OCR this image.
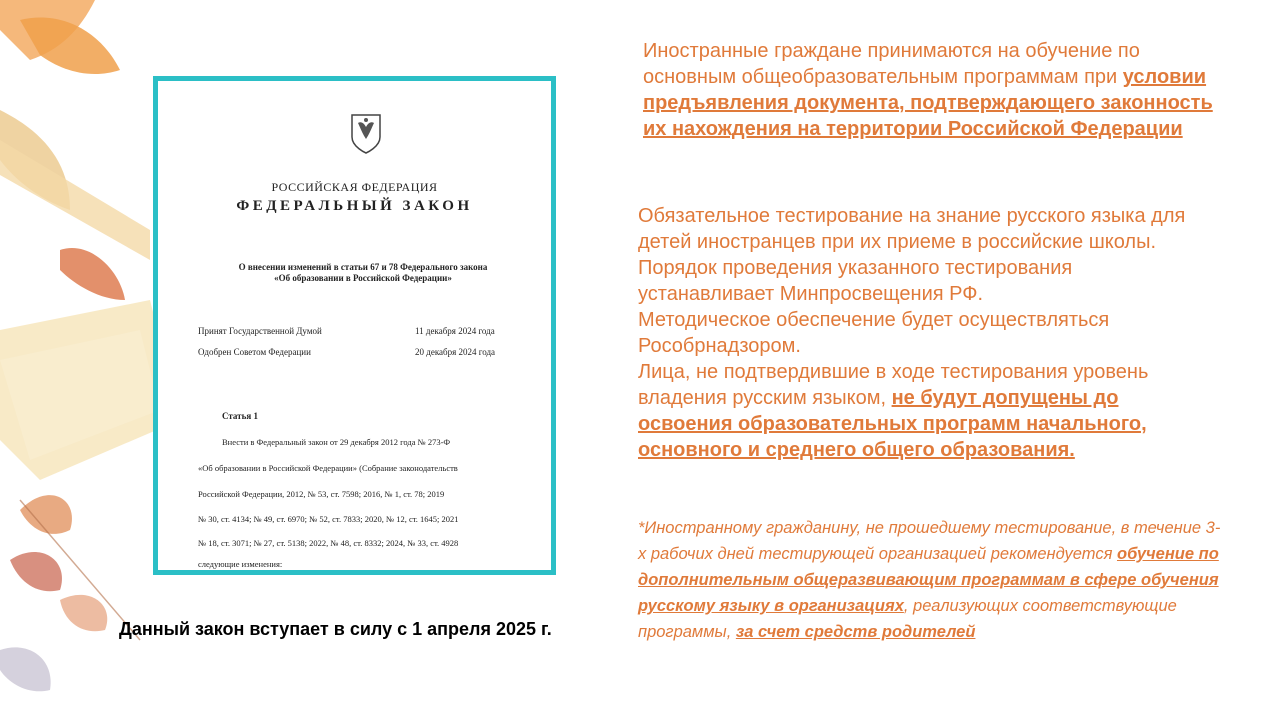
РОССИЙСКАЯ ФЕДЕРАЦИЯ
ФЕДЕРАЛЬНЫЙ ЗАКОН
О внесении изменений в статьи 67 и 78 Федерального закона
«Об образовании в Российской Федерации»
Принят Государственной Думой	11 декабря 2024 года
Одобрен Советом Федерации	20 декабря 2024 года
Статья 1
Внести в Федеральный закон от 29 декабря 2012 года № 273-Ф
«Об образовании в Российской Федерации» (Собрание законодательств
Российской Федерации, 2012, № 53, ст. 7598; 2016, № 1, ст. 78; 2019
№ 30, ст. 4134; № 49, ст. 6970; № 52, ст. 7833; 2020, № 12, ст. 1645; 2021
№ 18, ст. 3071; № 27, ст. 5138; 2022, № 48, ст. 8332; 2024, № 33, ст. 4928
следующие изменения:
Данный закон вступает в силу с 1 апреля 2025 г.
Иностранные граждане принимаются на обучение по основным общеобразовательным программам при условии предъявления документа, подтверждающего законность их нахождения на территории Российской Федерации
Обязательное тестирование на знание русского языка для детей иностранцев при их приеме в российские школы.
Порядок проведения указанного тестирования устанавливает Минпросвещения РФ.
Методическое обеспечение будет осуществляться Рособрнадзором.
Лица, не подтвердившие в ходе тестирования уровень владения русским языком, не будут допущены до освоения образовательных программ начального, основного и среднего общего образования.
*Иностранному гражданину, не прошедшему тестирование, в течение 3-х рабочих дней тестирующей организацией рекомендуется обучение по дополнительным общеразвивающим программам в сфере обучения русскому языку в организациях, реализующих соответствующие программы, за счет средств родителей
